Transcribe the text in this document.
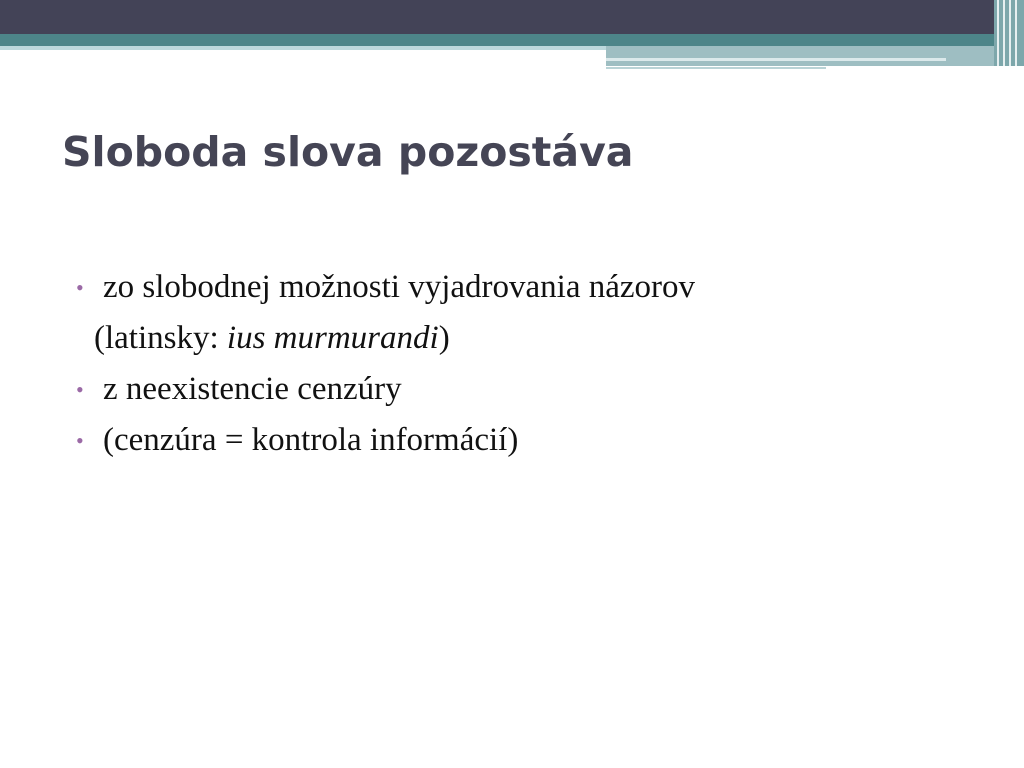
Sloboda slova pozostáva
• zo slobodnej možnosti vyjadrovania názorov
(latinsky: ius murmurandi)
• z neexistencie cenzúry
• (cenzúra = kontrola informácií)
